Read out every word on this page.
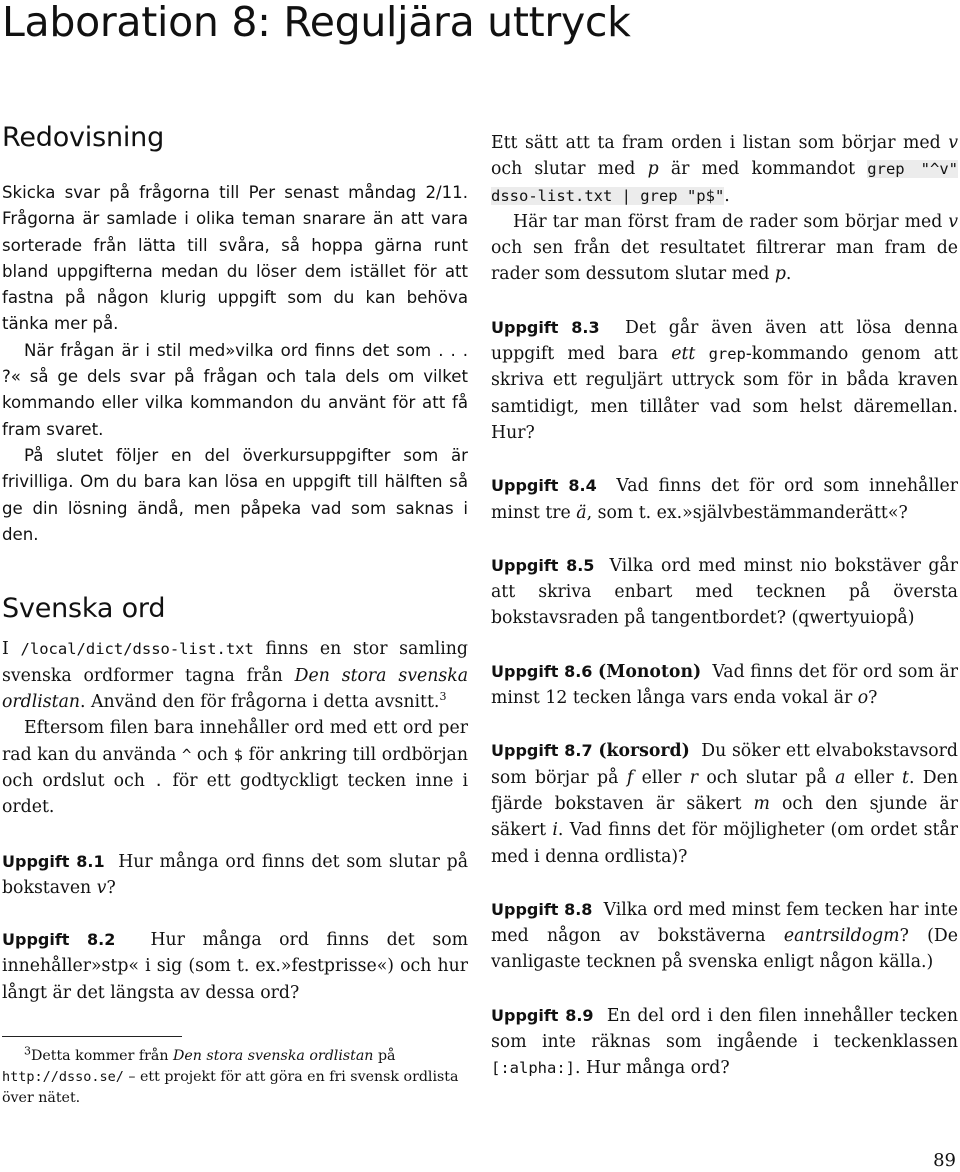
Laboration 8: Reguljära uttryck
Redovisning

Skicka svar på frågorna till Per senast måndag 2/11. Frågorna är samlade i olika teman snarare än att vara sorterade från lätta till svåra, så hoppa gärna runt bland uppgifterna medan du löser dem istället för att fastna på någon klurig uppgift som du kan behöva tänka mer på.

När frågan är i stil med»vilka ord finns det som . . . ?« så ge dels svar på frågan och tala dels om vilket kommando eller vilka kommandon du använt för att få fram svaret.

På slutet följer en del överkursuppgifter som är frivilliga. Om du bara kan lösa en uppgift till hälften så ge din lösning ändå, men påpeka vad som saknas i den.

Svenska ord

I /local/dict/dsso-list.txt finns en stor samling svenska ordformer tagna från Den stora svenska ordlistan. Använd den för frågorna i detta avsnitt.$^3$

Eftersom filen bara innehåller ord med ett ord per rad kan du använda ^ och $ för ankring till ordbörjan och ordslut och . för ett godtyckligt tecken inne i ordet.

Uppgift 8.1 Hur många ord finns det som slutar på bokstaven v?

Uppgift 8.2 Hur många ord finns det som innehåller»stp« i sig (som t. ex.»festprisse«) och hur långt är det längsta av dessa ord?

$^3$Detta kommer från Den stora svenska ordlistan på http://dsso.se/ – ett projekt för att göra en fri svensk ordlista över nätet.

Ett sätt att ta fram orden i listan som börjar med v och slutar med p är med kommandot grep "^v" dsso-list.txt | grep "p$".

Här tar man först fram de rader som börjar med v och sen från det resultatet filtrerar man fram de rader som dessutom slutar med p.

Uppgift 8.3 Det går även även att lösa denna uppgift med bara ett grep-kommando genom att skriva ett reguljärt uttryck som för in båda kraven samtidigt, men tillåter vad som helst däremellan. Hur?

Uppgift 8.4 Vad finns det för ord som innehåller minst tre ä, som t. ex.»självbestämmanderätt«?

Uppgift 8.5 Vilka ord med minst nio bokstäver går att skriva enbart med tecknen på översta bokstavsraden på tangentbordet? (qwertyuiopå)

Uppgift 8.6 (Monoton) Vad finns det för ord som är minst 12 tecken långa vars enda vokal är o?

Uppgift 8.7 (korsord) Du söker ett elvabokstavsord som börjar på f eller r och slutar på a eller t. Den fjärde bokstaven är säkert m och den sjunde är säkert i. Vad finns det för möjligheter (om ordet står med i denna ordlista)?

Uppgift 8.8 Vilka ord med minst fem tecken har inte med någon av bokstäverna eantrsildogm? (De vanligaste tecknen på svenska enligt någon källa.)

Uppgift 8.9 En del ord i den filen innehåller tecken som inte räknas som ingående i teckenklassen [:alpha:]. Hur många ord?

89
